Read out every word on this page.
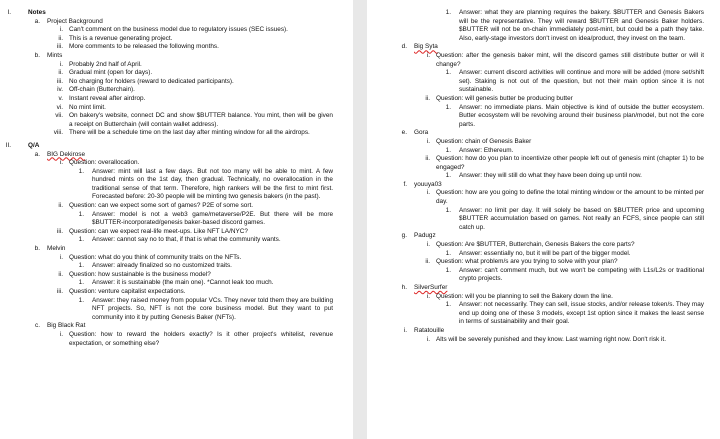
I.	Notes
a. Project Background
i. Can't comment on the business model due to regulatory issues (SEC issues).
ii. This is a revenue generating project.
iii. More comments to be released the following months.
b. Mints
i. Probably 2nd half of April.
ii. Gradual mint (open for days).
iii. No charging for holders (reward to dedicated participants).
iv. Off-chain (Butterchain).
v. Instant reveal after airdrop.
vi. No mint limit.
vii. On bakery's website, connect DC and show $BUTTER balance. You mint, then will be given a receipt on Butterchain (will contain wallet address).
viii. There will be a schedule time on the last day after minting window for all the airdrops.
II.	Q/A
a. BIG Dekirose
i. Question: overallocation.
1. Answer: mint will last a few days. But not too many will be able to mint. A few hundred mints on the 1st day, then gradual. Technically, no overallocation in the traditional sense of that term. Therefore, high rankers will be the first to mint first. Forecasted before: 20-30 people will be minting two genesis bakers (in the past).
ii. Question: can we expect some sort of games? P2E of some sort.
1. Answer: model is not a web3 game/metaverse/P2E. But there will be more $BUTTER-incorporated/genesis baker-based discord games.
iii. Question: can we expect real-life meet-ups. Like NFT LA/NYC?
1. Answer: cannot say no to that, if that is what the community wants.
b. Melvin
i. Question: what do you think of community traits on the NFTs.
1. Answer: already finalized so no customized traits.
ii. Question: how sustainable is the business model?
1. Answer: it is sustainable (the main one). *Cannot leak too much.
iii. Question: venture capitalist expectations.
1. Answer: they raised money from popular VCs. They never told them they are building NFT projects. So, NFT is not the core business model. But they want to put community into it by putting Genesis Baker (NFTs).
c. Big Black Rat
i. Question: how to reward the holders exactly? Is it other project's whitelist, revenue expectation, or something else?
1. Answer: what they are planning requires the bakery. $BUTTER and Genesis Bakers will be the representative. They will reward $BUTTER and Genesis Baker holders. $BUTTER will not be on-chain immediately post-mint, but could be a path they take. Also, early-stage investors don't invest on idea/product, they invest on the team.
d. Big Syta
i. Question: after the genesis baker mint, will the discord games still distribute butter or will it change?
1. Answer: current discord activities will continue and more will be added (more set/shift set). Staking is not out of the question, but not their main option since it is not sustainable.
ii. Question: will genesis butter be producing butter
1. Answer: no immediate plans. Main objective is kind of outside the butter ecosystem. Butter ecosystem will be revolving around their business plan/model, but not the core parts.
e. Gora
i. Question: chain of Genesis Baker
1. Answer: Ethereum.
ii. Question: how do you plan to incentivize other people left out of genesis mint (chapter 1) to be engaged?
1. Answer: they will still do what they have been doing up until now.
f. youuya03
i. Question: how are you going to define the total minting window or the amount to be minted per day.
1. Answer: no limit per day. It will solely be based on $BUTTER price and upcoming $BUTTER accumulation based on games. Not really an FCFS, since people can still catch up.
g. Padugz
i. Question: Are $BUTTER, Butterchain, Genesis Bakers the core parts?
1. Answer: essentially no, but it will be part of the bigger model.
ii. Question: what problem/s are you trying to solve with your plan?
1. Answer: can't comment much, but we won't be competing with L1s/L2s or traditional crypto projects.
h. SilverSurfer
i. Question: will you be planning to sell the Bakery down the line.
1. Answer: not necessarily. They can sell, issue stocks, and/or release token/s. They may end up doing one of these 3 models, except 1st option since it makes the least sense in terms of sustainability and their goal.
i. Ratatouille
i. Alts will be severely punished and they know. Last warning right now. Don't risk it.
